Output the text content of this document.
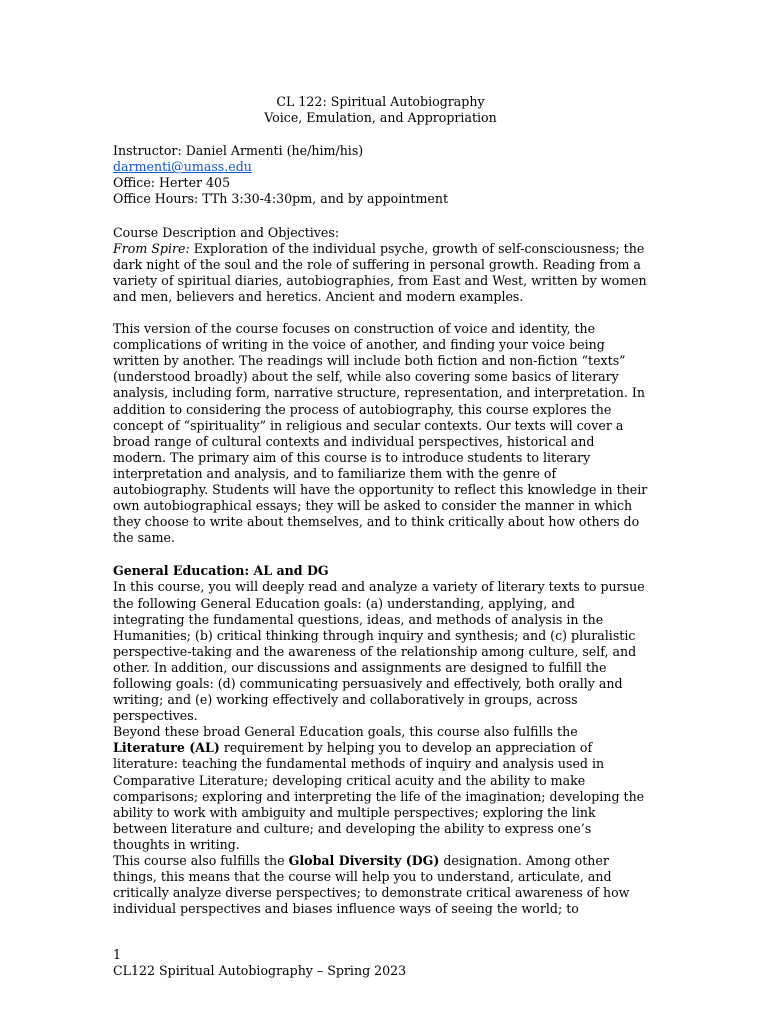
CL 122: Spiritual Autobiography

Voice, Emulation, and Appropriation

Instructor: Daniel Armenti (he/him/his)

darmenti@umass.edu

Office: Herter 405

Office Hours: TTh 3:30-4:30pm, and by appointment

Course Description and Objectives:

From Spire: Exploration of the individual psyche, growth of self-consciousness; the dark night of the soul and the role of suffering in personal growth. Reading from a variety of spiritual diaries, autobiographies, from East and West, written by women and men, believers and heretics. Ancient and modern examples.

This version of the course focuses on construction of voice and identity, the complications of writing in the voice of another, and finding your voice being written by another. The readings will include both fiction and non-fiction “texts” (understood broadly) about the self, while also covering some basics of literary analysis, including form, narrative structure, representation, and interpretation. In addition to considering the process of autobiography, this course explores the concept of “spirituality” in religious and secular contexts. Our texts will cover a broad range of cultural contexts and individual perspectives, historical and modern. The primary aim of this course is to introduce students to literary interpretation and analysis, and to familiarize them with the genre of autobiography. Students will have the opportunity to reflect this knowledge in their own autobiographical essays; they will be asked to consider the manner in which they choose to write about themselves, and to think critically about how others do the same.

General Education: AL and DG

In this course, you will deeply read and analyze a variety of literary texts to pursue the following General Education goals: (a) understanding, applying, and integrating the fundamental questions, ideas, and methods of analysis in the Humanities; (b) critical thinking through inquiry and synthesis; and (c) pluralistic perspective-taking and the awareness of the relationship among culture, self, and other. In addition, our discussions and assignments are designed to fulfill the following goals: (d) communicating persuasively and effectively, both orally and writing; and (e) working effectively and collaboratively in groups, across perspectives.

Beyond these broad General Education goals, this course also fulfills the Literature (AL) requirement by helping you to develop an appreciation of literature: teaching the fundamental methods of inquiry and analysis used in Comparative Literature; developing critical acuity and the ability to make comparisons; exploring and interpreting the life of the imagination; developing the ability to work with ambiguity and multiple perspectives; exploring the link between literature and culture; and developing the ability to express one’s thoughts in writing.

This course also fulfills the Global Diversity (DG) designation. Among other things, this means that the course will help you to understand, articulate, and critically analyze diverse perspectives; to demonstrate critical awareness of how individual perspectives and biases influence ways of seeing the world; to

1

CL122 Spiritual Autobiography – Spring 2023
